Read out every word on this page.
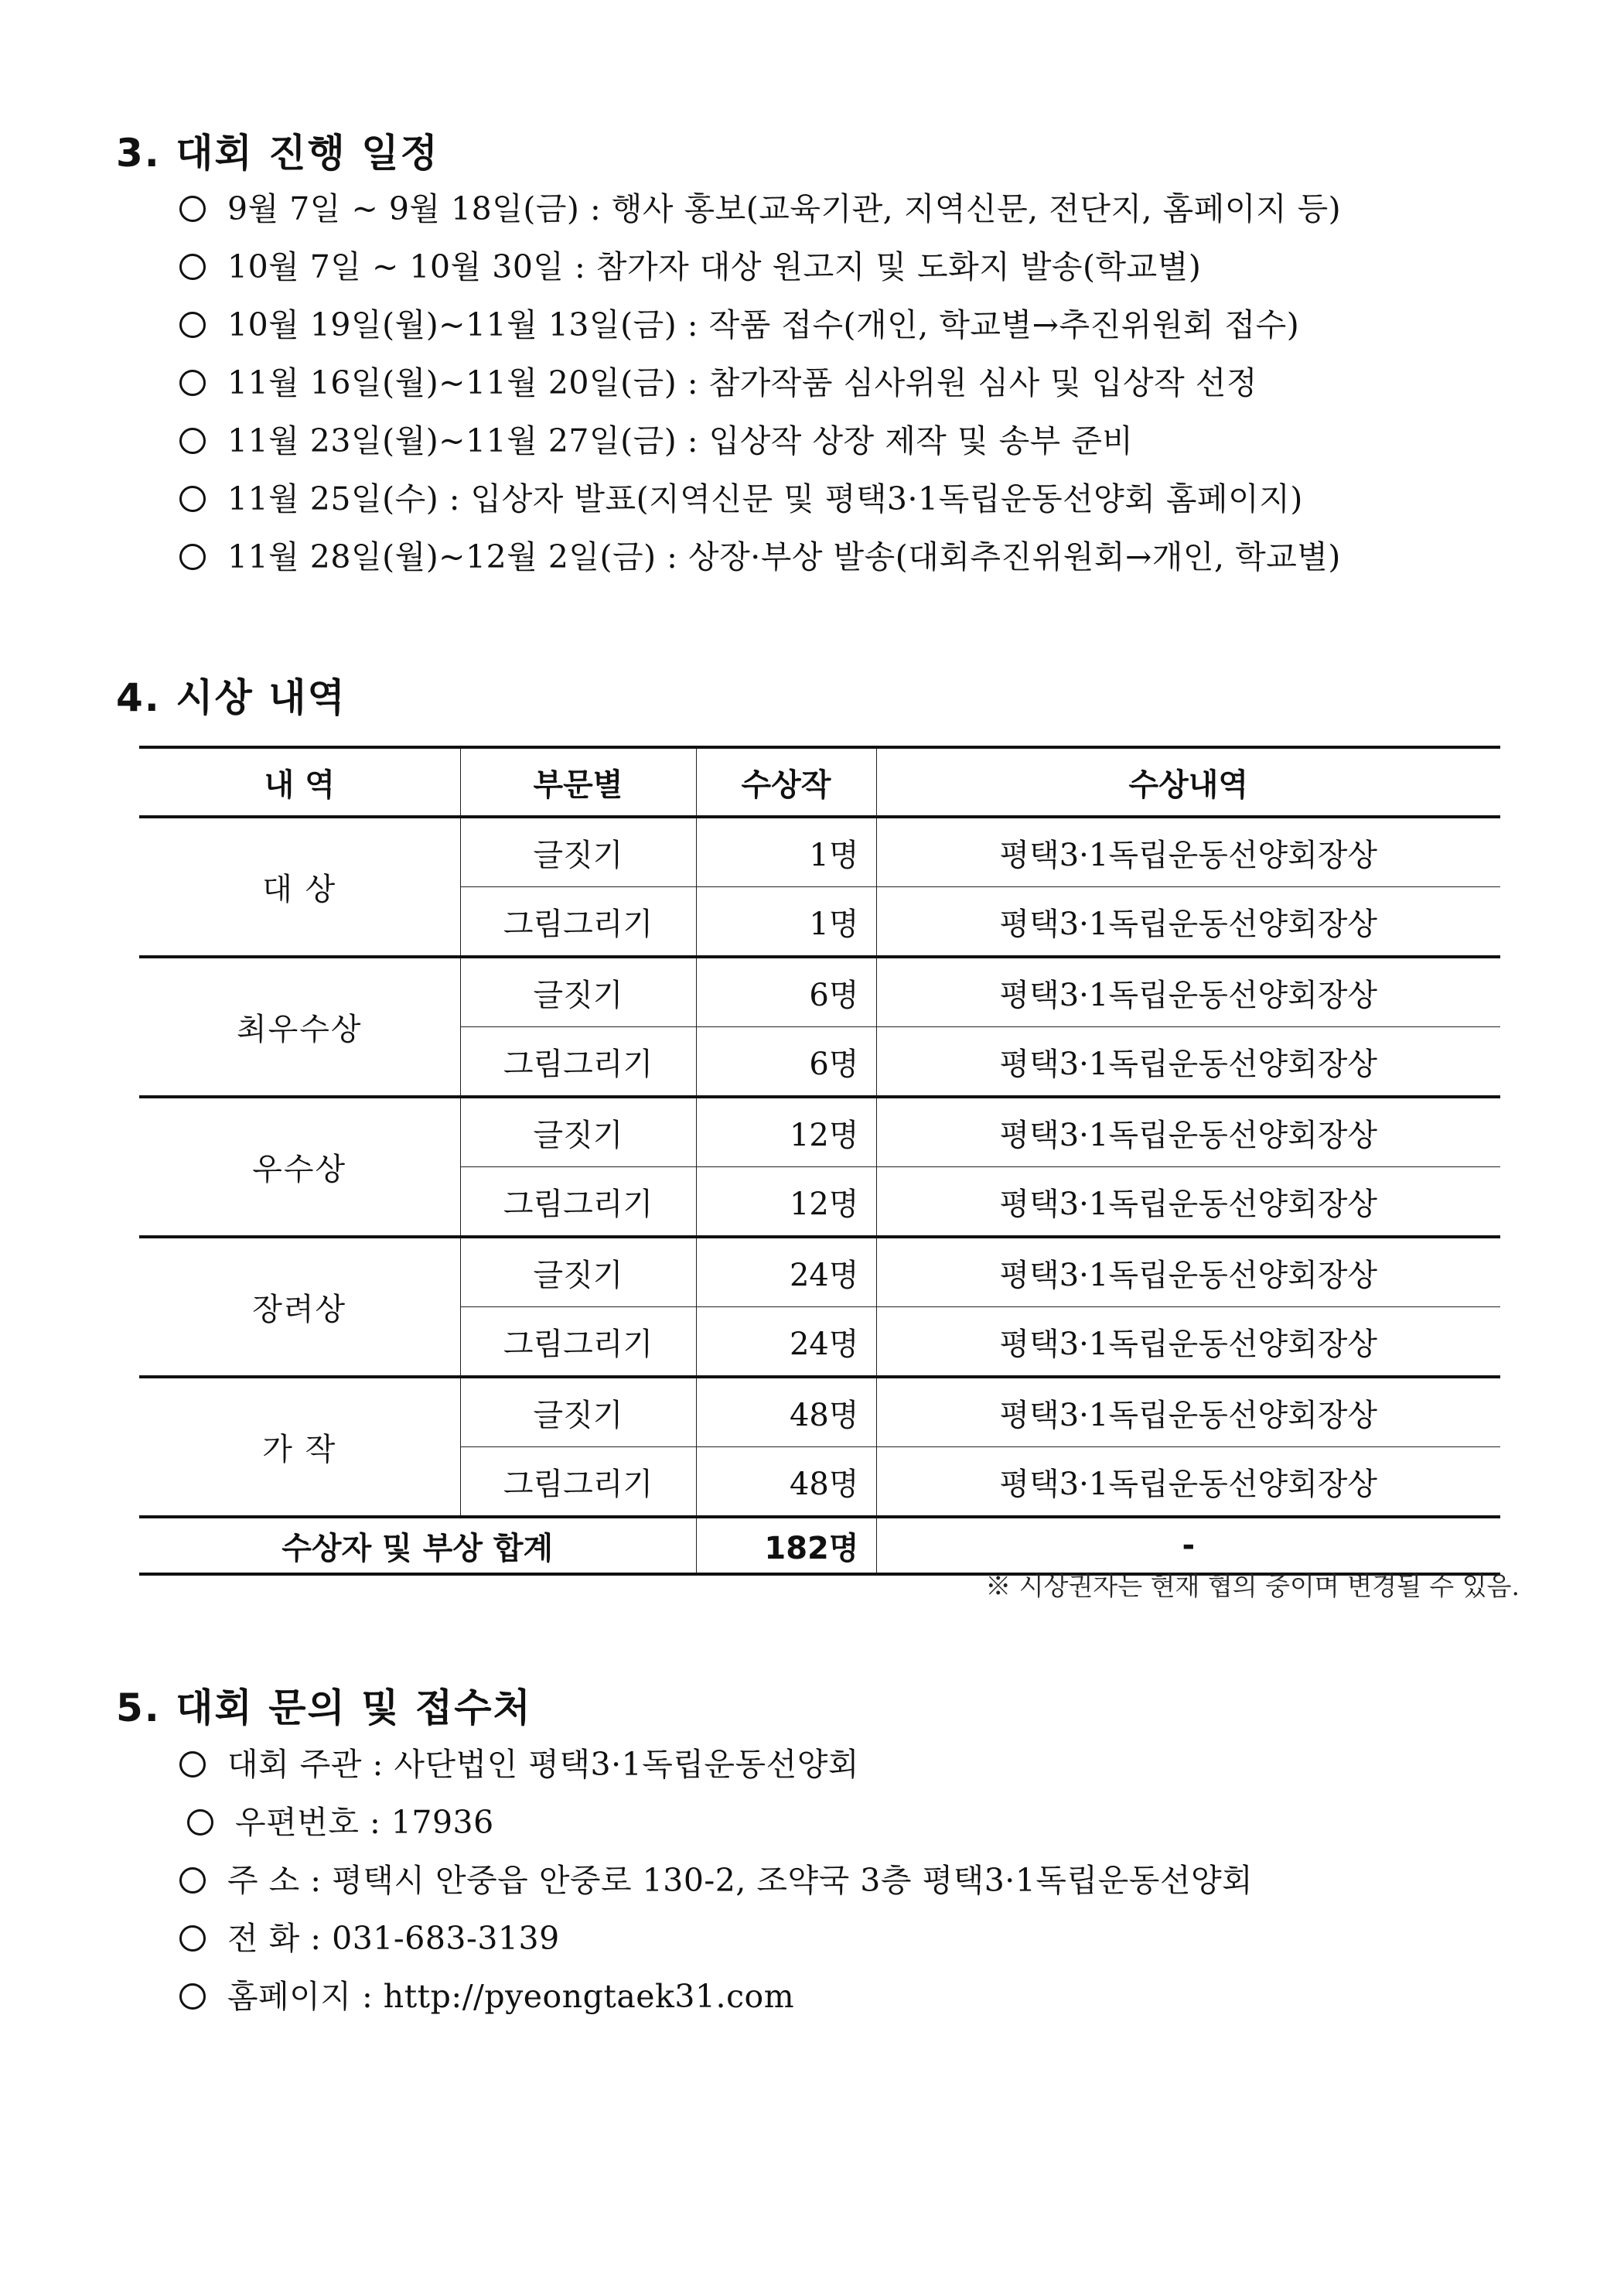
3. 대회 진행 일정
9월 7일 ~ 9월 18일(금) : 행사 홍보(교육기관, 지역신문, 전단지, 홈페이지 등)
10월 7일 ~ 10월 30일 : 참가자 대상 원고지 및 도화지 발송(학교별)
10월 19일(월)~11월 13일(금) : 작품 접수(개인, 학교별→추진위원회 접수)
11월 16일(월)~11월 20일(금) : 참가작품 심사위원 심사 및 입상작 선정
11월 23일(월)~11월 27일(금) : 입상작 상장 제작 및 송부 준비
11월 25일(수) : 입상자 발표(지역신문 및 평택3·1독립운동선양회 홈페이지)
11월 28일(월)~12월 2일(금) : 상장·부상 발송(대회추진위원회→개인, 학교별)
4. 시상 내역
내 역	부문별	수상작	수상내역
대 상	글짓기	1명	평택3·1독립운동선양회장상
	그림그리기	1명	평택3·1독립운동선양회장상
최우수상	글짓기	6명	평택3·1독립운동선양회장상
	그림그리기	6명	평택3·1독립운동선양회장상
우수상	글짓기	12명	평택3·1독립운동선양회장상
	그림그리기	12명	평택3·1독립운동선양회장상
장려상	글짓기	24명	평택3·1독립운동선양회장상
	그림그리기	24명	평택3·1독립운동선양회장상
가 작	글짓기	48명	평택3·1독립운동선양회장상
	그림그리기	48명	평택3·1독립운동선양회장상
수상자 및 부상 합계		182명	-
※ 시상권자는 현재 협의 중이며 변경될 수 있음.
5. 대회 문의 및 접수처
대회 주관 : 사단법인 평택3·1독립운동선양회
우편번호 : 17936
주 소 : 평택시 안중읍 안중로 130-2, 조약국 3층 평택3·1독립운동선양회
전 화 : 031-683-3139
홈페이지 : http://pyeongtaek31.com
